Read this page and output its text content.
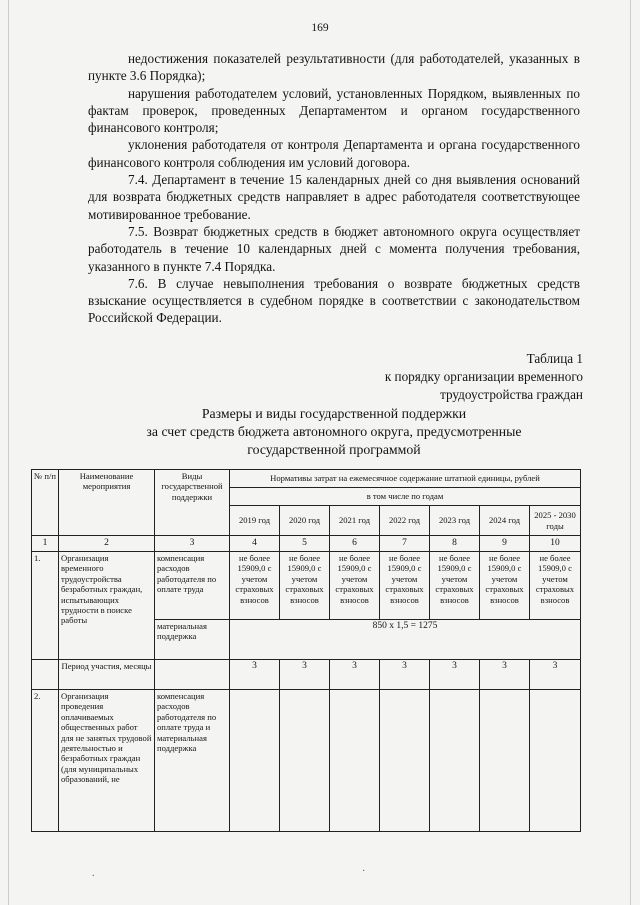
169

недостижения показателей результативности (для работодателей, указанных в пункте 3.6 Порядка);

нарушения работодателем условий, установленных Порядком, выявленных по фактам проверок, проведенных Департаментом и органом государственного финансового контроля;

уклонения работодателя от контроля Департамента и органа государственного финансового контроля соблюдения им условий договора.

7.4. Департамент в течение 15 календарных дней со дня выявления оснований для возврата бюджетных средств направляет в адрес работодателя соответствующее мотивированное требование.

7.5. Возврат бюджетных средств в бюджет автономного округа осуществляет работодатель в течение 10 календарных дней с момента получения требования, указанного в пункте 7.4 Порядка.

7.6. В случае невыполнения требования о возврате бюджетных средств взыскание осуществляется в судебном порядке в соответствии с законодательством Российской Федерации.

Таблица 1
к порядку организации временного
трудоустройства граждан
Размеры и виды государственной поддержки
за счет средств бюджета автономного округа, предусмотренные
государственной программой
№ п/п	Наименование мероприятия	Виды государственной поддержки	Нормативы затрат на ежемесячное содержание штатной единицы, рублей						
			в том числе по годам						
			2019 год	2020 год	2021 год	2022 год	2023 год	2024 год	2025 - 2030 годы
1	2	3	4	5	6	7	8	9	10
1.	Организация временного трудоустройства безработных граждан, испытывающих трудности в поиске работы	компенсация расходов работодателя по оплате труда	не более 15909,0 с учетом страховых взносов	не более 15909,0 с учетом страховых взносов	не более 15909,0 с учетом страховых взносов	не более 15909,0 с учетом страховых взносов	не более 15909,0 с учетом страховых взносов	не более 15909,0 с учетом страховых взносов	не более 15909,0 с учетом страховых взносов
		материальная поддержка	850 х 1,5 = 1275						
	Период участия, месяцы		3	3	3	3	3	3	3
2.	Организация проведения оплачиваемых общественных работ для не занятых трудовой деятельностью и безработных граждан (для муниципальных образований, не	компенсация расходов работодателя по оплате труда и материальная поддержка							
.	·
